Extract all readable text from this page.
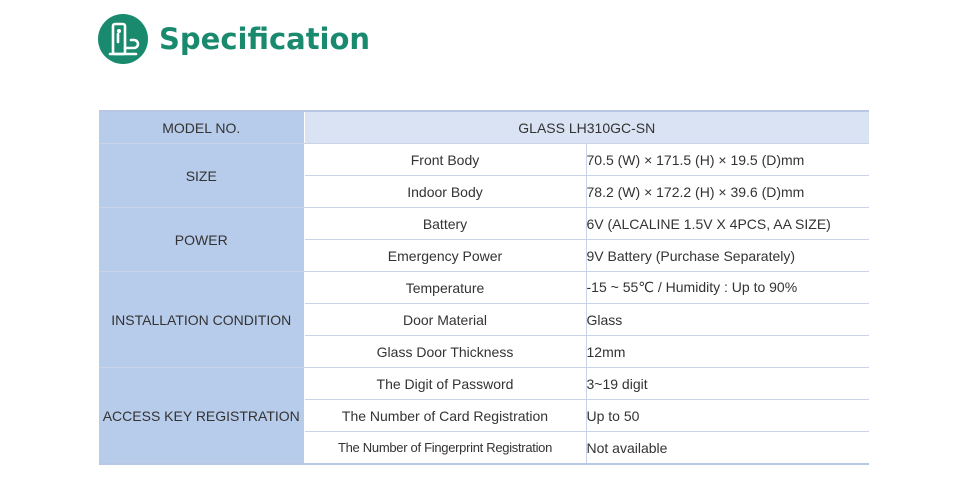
Specification
MODEL NO.	GLASS LH310GC-SN	
SIZE	Front Body	70.5 (W) × 171.5 (H) × 19.5 (D)mm
	Indoor Body	78.2 (W) × 172.2 (H) × 39.6 (D)mm
POWER	Battery	6V (ALCALINE 1.5V X 4PCS, AA SIZE)
	Emergency Power	9V Battery (Purchase Separately)
INSTALLATION CONDITION	Temperature	-15 ~ 55℃ / Humidity : Up to 90%
	Door Material	Glass
	Glass Door Thickness	12mm
ACCESS KEY REGISTRATION	The Digit of Password	3~19 digit
	The Number of Card Registration	Up to 50
	The Number of Fingerprint Registration	Not available
